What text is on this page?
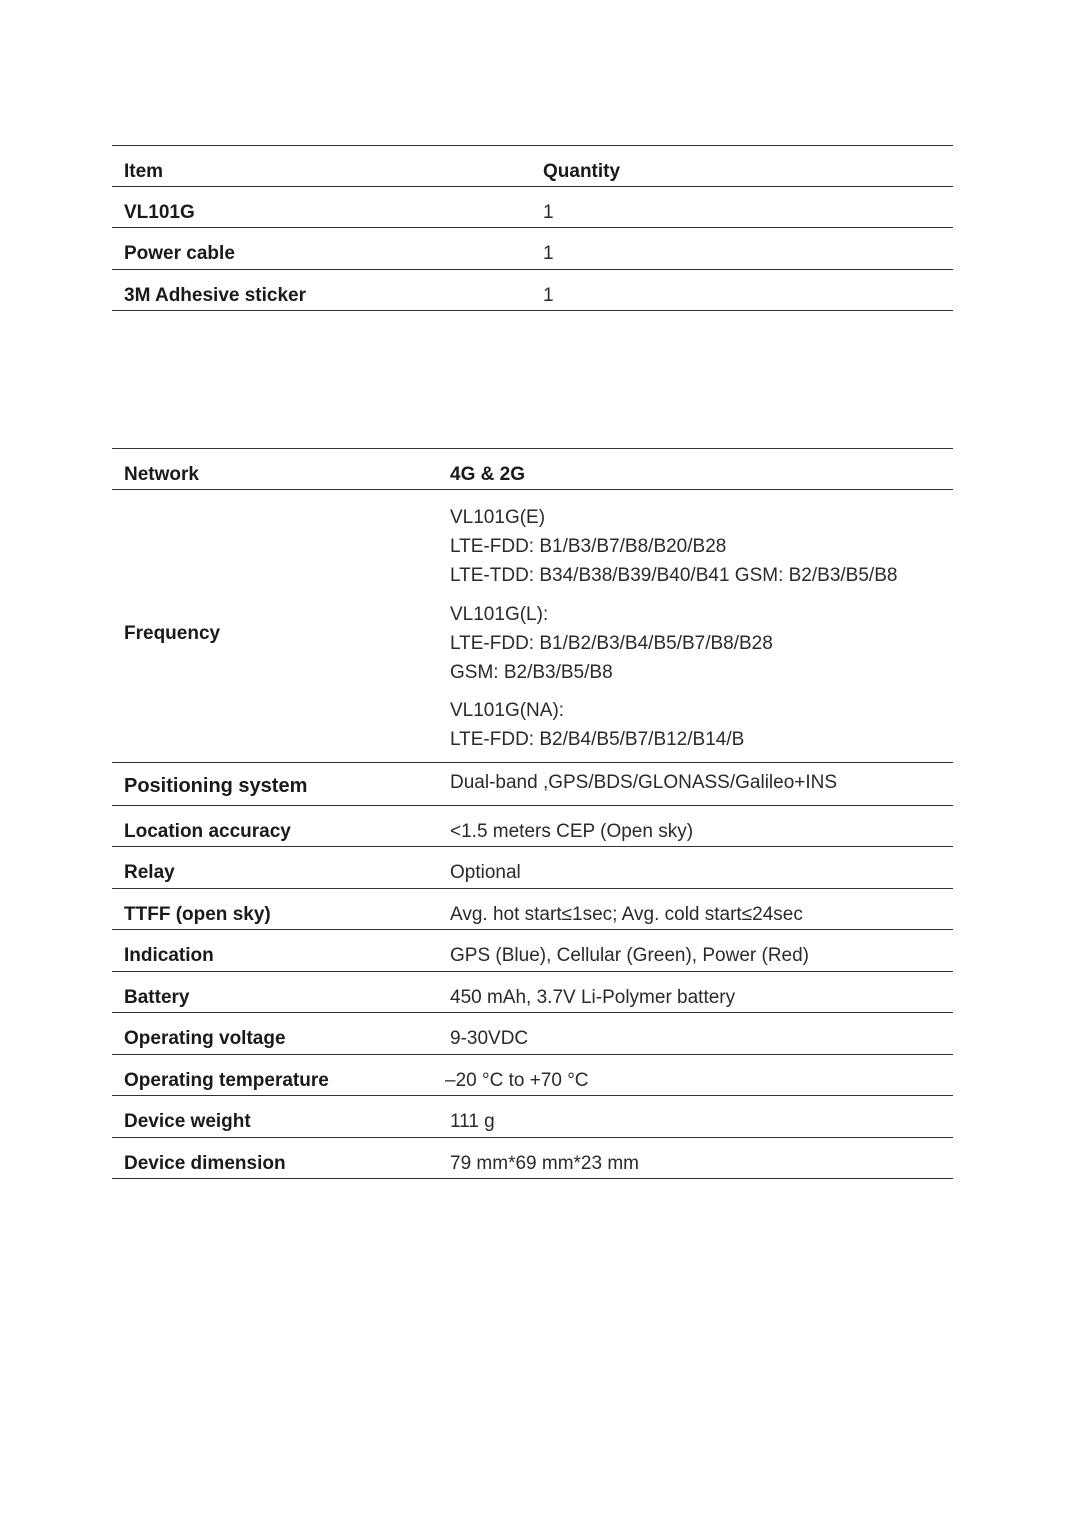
Item	Quantity
VL101G	1
Power cable	1
3M Adhesive sticker	1
Network	4G & 2G
Frequency
VL101G(E)
LTE-FDD: B1/B3/B7/B8/B20/B28
LTE-TDD: B34/B38/B39/B40/B41 GSM: B2/B3/B5/B8
VL101G(L):
LTE-FDD: B1/B2/B3/B4/B5/B7/B8/B28
GSM: B2/B3/B5/B8
VL101G(NA):
LTE-FDD: B2/B4/B5/B7/B12/B14/B
Positioning system	Dual-band ,GPS/BDS/GLONASS/Galileo+INS
Location accuracy	<1.5 meters CEP (Open sky)
Relay	Optional
TTFF (open sky)	Avg. hot start≤1sec; Avg. cold start≤24sec
Indication	GPS (Blue), Cellular (Green), Power (Red)
Battery	450 mAh, 3.7V Li-Polymer battery
Operating voltage	9-30VDC
Operating temperature	–20 °C to +70 °C
Device weight	111 g
Device dimension	79 mm*69 mm*23 mm
